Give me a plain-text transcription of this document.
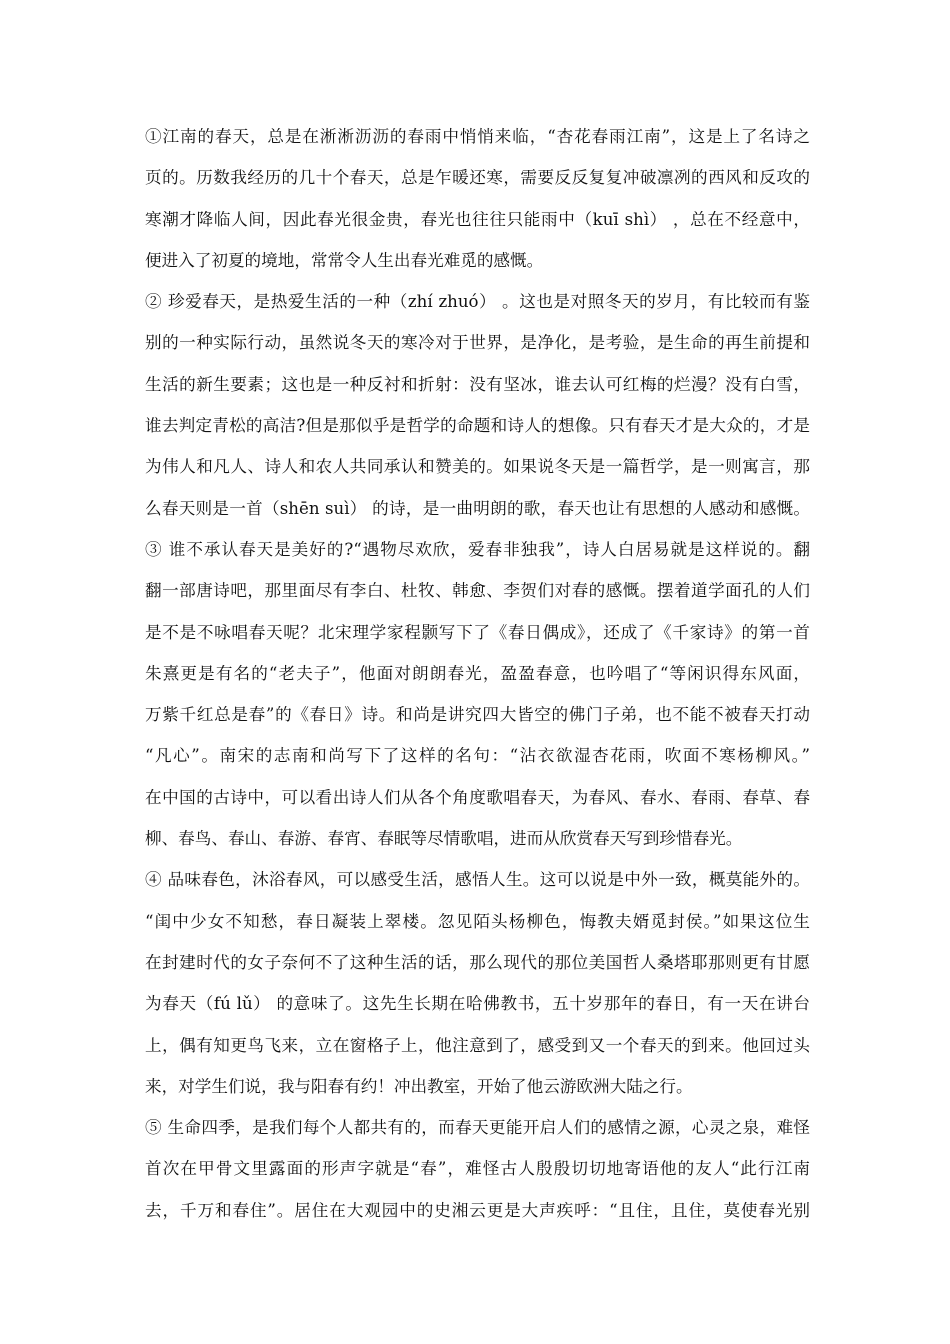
①江南的春天，总是在淅淅沥沥的春雨中悄悄来临，“杏花春雨江南”，这是上了名诗之
页的。历数我经历的几十个春天，总是乍暖还寒，需要反反复复冲破凛冽的西风和反攻的
寒潮才降临人间，因此春光很金贵，春光也往往只能雨中（kuī shì） ，总在不经意中，
便进入了初夏的境地，常常令人生出春光难觅的感慨。
② 珍爱春天，是热爱生活的一种（zhí zhuó） 。这也是对照冬天的岁月，有比较而有鉴
别的一种实际行动，虽然说冬天的寒冷对于世界，是净化，是考验，是生命的再生前提和
生活的新生要素；这也是一种反衬和折射：没有坚冰，谁去认可红梅的烂漫？没有白雪，
谁去判定青松的高洁?但是那似乎是哲学的命题和诗人的想像。只有春天才是大众的，才是
为伟人和凡人、诗人和农人共同承认和赞美的。如果说冬天是一篇哲学，是一则寓言，那
么春天则是一首（shēn suì） 的诗，是一曲明朗的歌，春天也让有思想的人感动和感慨。
③ 谁不承认春天是美好的?“遇物尽欢欣，爱春非独我”，诗人白居易就是这样说的。翻
翻一部唐诗吧，那里面尽有李白、杜牧、韩愈、李贺们对春的感慨。摆着道学面孔的人们
是不是不咏唱春天呢？北宋理学家程颢写下了《春日偶成》，还成了《千家诗》的第一首
朱熹更是有名的“老夫子”，他面对朗朗春光，盈盈春意，也吟唱了“等闲识得东风面，
万紫千红总是春”的《春日》诗。和尚是讲究四大皆空的佛门子弟，也不能不被春天打动
“凡心”。南宋的志南和尚写下了这样的名句：“沾衣欲湿杏花雨，吹面不寒杨柳风。”
在中国的古诗中，可以看出诗人们从各个角度歌唱春天，为春风、春水、春雨、春草、春
柳、春鸟、春山、春游、春宵、春眠等尽情歌唱，进而从欣赏春天写到珍惜春光。
④ 品味春色，沐浴春风，可以感受生活，感悟人生。这可以说是中外一致，概莫能外的。
“闺中少女不知愁，春日凝装上翠楼。忽见陌头杨柳色，悔教夫婿觅封侯。”如果这位生
在封建时代的女子奈何不了这种生活的话，那么现代的那位美国哲人桑塔耶那则更有甘愿
为春天（fú lǔ） 的意味了。这先生长期在哈佛教书，五十岁那年的春日，有一天在讲台
上，偶有知更鸟飞来，立在窗格子上，他注意到了，感受到又一个春天的到来。他回过头
来，对学生们说，我与阳春有约！冲出教室，开始了他云游欧洲大陆之行。
⑤ 生命四季，是我们每个人都共有的，而春天更能开启人们的感情之源，心灵之泉，难怪
首次在甲骨文里露面的形声字就是“春”，难怪古人殷殷切切地寄语他的友人“此行江南
去，千万和春住”。居住在大观园中的史湘云更是大声疾呼：“且住，且住，莫使春光别
